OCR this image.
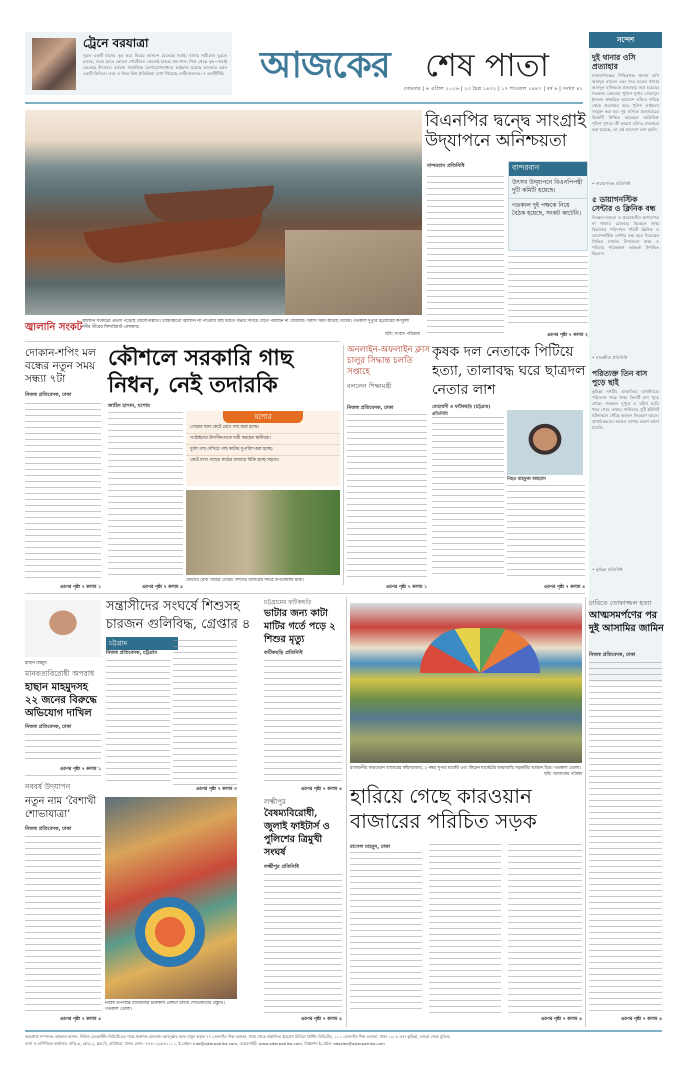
ট্রেনে বরযাত্রা
সুরত একটি বাসের ভূব করে বিয়ের আনন্দে মেতেছে সবাই। বাসার নারীরাও ঘুরতে চলছে, সবার হাতে কোনো পোর্টেবল। কেবলই চলছে নাচ-গান। শিশু থেকে বৃদ্ধ—সবাই মেতেছে উৎসবে। বর্তমান সামাজিক যোগাযোগমাধ্যমে ভাইরাল হয়েছে ভাওয়ার এমন একটি ভিডিও। তবে এ নিয়ে মিশ্র প্রতিক্রিয়া দেখা গিয়েছে নেটিজেনদের। • এনটিটিভি আজকের শেষ পাতা
সোমবার | ৬ এপ্রিল ২০২৬ | ২৩ চৈত্র ১৪৩২ | ১৭ শাওয়াল ১৪৪৭ | বর্ষ ৬ | সংখ্যা ৪২
সন্দেশ
দুই থানার ওসি প্রত্যাহার
নারায়ণগঞ্জের সিদ্ধিরগঞ্জ থানার ওসি আবদুল বাতেন এবং সদর মডেল থানার আবদুল হালিমকে প্রত্যাহার করা হয়েছে। গতকাল রোববার পুলিশ সুপার জেয়াদুল ইসলাম স্বাক্ষরিত আদেশে তাঁদের দায়িত্ব থেকে প্রত্যাহার করে পুলিশ লাইনসে সংযুক্ত করা হয়। দুই ওসিকে প্রত্যাহারের বিষয়টি নিশ্চিত করেছেন অতিরিক্ত পুলিশ সুপার। কী কারণে তাঁদের প্রত্যাহার করা হয়েছে, তা এই আদেশে বলা হয়নি।
• নারায়ণগঞ্জ প্রতিনিধি
৫ ডায়াগনস্টিক সেন্টার ও ক্লিনিক বন্ধ
নিবন্ধন নবায়ন ও প্রয়োজনীয় কাগজপত্র না থাকায় রোববার বিকেলে স্বাস্থ্য বিভাগের পরিদর্শনে পাঁচটি ক্লিনিক ও ডায়াগনস্টিক সেন্টার বন্ধ করে দিয়েছেন সিভিল সার্জন। উপজেলা স্বাস্থ্য ও পরিবার পরিকল্পনা কর্মকর্তা উপস্থিত ছিলেন।
• সাতক্ষীরা প্রতিনিধি
পরিত্যক্ত তিন বাস পুড়ে ছাই
কুমিল্লা নগরীর ডাকাতিয়া বাসস্ট্যান্ডে পরিত্যক্ত পড়ে থাকা তিনটি বাস পুড়ে গেছে। গতকাল দুপুরে এ ঘটনা ঘটে। খবর পেয়ে ফায়ার সার্ভিসের দুটি ইউনিট ঘটনাস্থলে পৌঁছে আগুন নিয়ন্ত্রণে আনে। প্রাথমিকভাবে আগুন লাগার কারণ জানা যায়নি।
• কুমিল্লা প্রতিনিধি
বিএনপির দ্বন্দ্বে সাংগ্রাই উদ্‌যাপনে অনিশ্চয়তা
বান্দরবান প্রতিনিধি	বান্দরবান
উৎসব উদ্‌যাপনে বিএনপিপন্থী দুটি কমিটি হয়েছে।
গতকাল দুই পক্ষকে নিয়ে বৈঠক হয়েছে, সংকট কাটেনি।
এরপর পৃষ্ঠা ৭ কলাম ২
জ্বালানি সংকট
জ্বালানি সংকটের প্রভাব পড়েছে জেলেপল্লিতে। চাহিদামতো জ্বালানি না পাওয়ায় মাছ ধরতে গভীর সাগরে যেতে পারছেন না জেলেরা। অলস সময় কাটছে তাদের। গতকাল দুপুরে চট্টগ্রামের কর্ণফুলী নদীর তীরের ফিশারিঘাট এলাকায়।
ছবি: সংবাদ পরিক্রমা
দোকান-শপিং মল বন্ধের নতুন সময় সন্ধ্যা ৭টা
নিজস্ব প্রতিবেদক, ঢাকা
এরপর পৃষ্ঠা ৭ কলাম ১
কৌশলে সরকারি গাছ নিধন, নেই তদারকি
জাহিদ হাসান, যশোর
যশোর
গোড়ার ছাল কেটে রেখে গাছ মারা হচ্ছে।
সংশ্লিষ্টদের উদাসীনতাকে দায়ী করছেন স্থানীয়রা।
দুর্বল গাছ দেখিয়ে গাছ কাটার সুপারিশ করা হচ্ছে।
কেটে রাখা গাছের কাঠের বাজারে বিক্রি হচ্ছে সহজে।
যেভাবে রেখা গাছের গোড়া। সম্প্রতি যশোরের সদরে উপজেলায় মারা।
এরপর পৃষ্ঠা ৭ কলাম ৫
অনলাইন-অফলাইন ক্লাস চালুর সিদ্ধান্ত চলতি সপ্তাহে
বললেন শিক্ষামন্ত্রী
নিজস্ব প্রতিবেদক, ঢাকা
এরপর পৃষ্ঠা ৭ কলাম ১
কৃষক দল নেতাকে পিটিয়ে হত্যা, তালাবদ্ধ ঘরে ছাত্রদল নেতার লাশ
মোহাম্মদী ও ফটিকছড়ি (চট্টগ্রাম) প্রতিনিধি
নিহত মাহফুজ আহমেদ
এরপর পৃষ্ঠা ৭ কলাম ৪
হাছান মাহমুদ
মানবতাবিরোধী অপরাধ
হাছান মাহমুদসহ ২২ জনের বিরুদ্ধে অভিযোগ দাখিল
নিজস্ব প্রতিবেদক, ঢাকা
এরপর পৃষ্ঠা ৭ কলাম ১
নববর্ষ উদ্‌যাপন
নতুন নাম ‘বৈশাখী শোভাযাত্রা’
নিজস্ব প্রতিবেদক, ঢাকা
এরপর পৃষ্ঠা ৭ কলাম ৪
নববর্ষ উপলক্ষে রাজধানীর চারুকলা প্রাঙ্গণে চলছে শোভাযাত্রার প্রস্তুতি। গতকাল তোলা।
সন্ত্রাসীদের সংঘর্ষে শিশুসহ চারজন গুলিবিদ্ধ, গ্রেপ্তার ৪
চট্টগ্রাম
নিজস্ব প্রতিবেদক, চট্টগ্রাম
এরপর পৃষ্ঠা ৭ কলাম ৩
চট্টগ্রামের ফটিকছড়ি
ভাটার জন্য কাটা মাটির গর্তে পড়ে ২ শিশুর মৃত্যু
ফটিকছড়ি প্রতিনিধি
এরপর পৃষ্ঠা ৭ কলাম ৪
লক্ষ্মীপুর
বৈষম্যবিরোধী, জুলাই ফাইটার্স ও পুলিশের ত্রিমুখী সংঘর্ষ
লক্ষ্মীপুর প্রতিনিধি
এরপর পৃষ্ঠা ৭ কলাম ৫
রাজধানীর কারওয়ান বাজারের কাঁচাবাজার, ২ নম্বর সুপার মার্কেট এবং কিচেন মার্কেটের মাঝামাঝি সড়কটির বর্তমান চিত্র। গতকাল তোলা।
ছবি: আজকের পত্রিকা
হারিয়ে গেছে কারওয়ান বাজারের পরিচিত সড়ক
রাসেল মাহমুদ, ঢাকা
এরপর পৃষ্ঠা ৭ কলাম ৪
ঢাবিতে তোফাজ্জল হত্যা
আত্মসমর্পণের পর দুই আসামির জামিন
নিজস্ব প্রতিবেদক, ঢাকা
এরপর পৃষ্ঠা ৭ কলাম ৪
ভারপ্রাপ্ত সম্পাদক: কামরুল হাসান, নিউজ ব্রডকাস্টিং লিমিটেডের পক্ষে প্রকাশক মোহাম্মদ আবদুল্লাহ আল মামুন কর্তৃক ৭৭ তেজগাঁও শিল্প এলাকা, ঢাকা থেকে প্রকাশিত। ইমপ্রেস মিডিয়া প্রিন্টিং লিমিটেড, ১১১ তেজগাঁও শিল্প এলাকা, ঢাকা ১২০৮ এবং কুমিল্লা, বগুড়া থেকে মুদ্রিত।
বার্তা ও বাণিজ্যিক কার্যালয়: বাড়ি-৬, রোড-২, ব্লক-বি, বারিধারা, ঢাকা। ফোন: +৮৮০২৯৮৪১১১১, ই-মেইল: info@ajkerpatrika.com, ওয়েবসাইট: www.ajkerpatrika.com, বিজ্ঞাপন ই-মেইল: adsales@ajkerpatrika.com
